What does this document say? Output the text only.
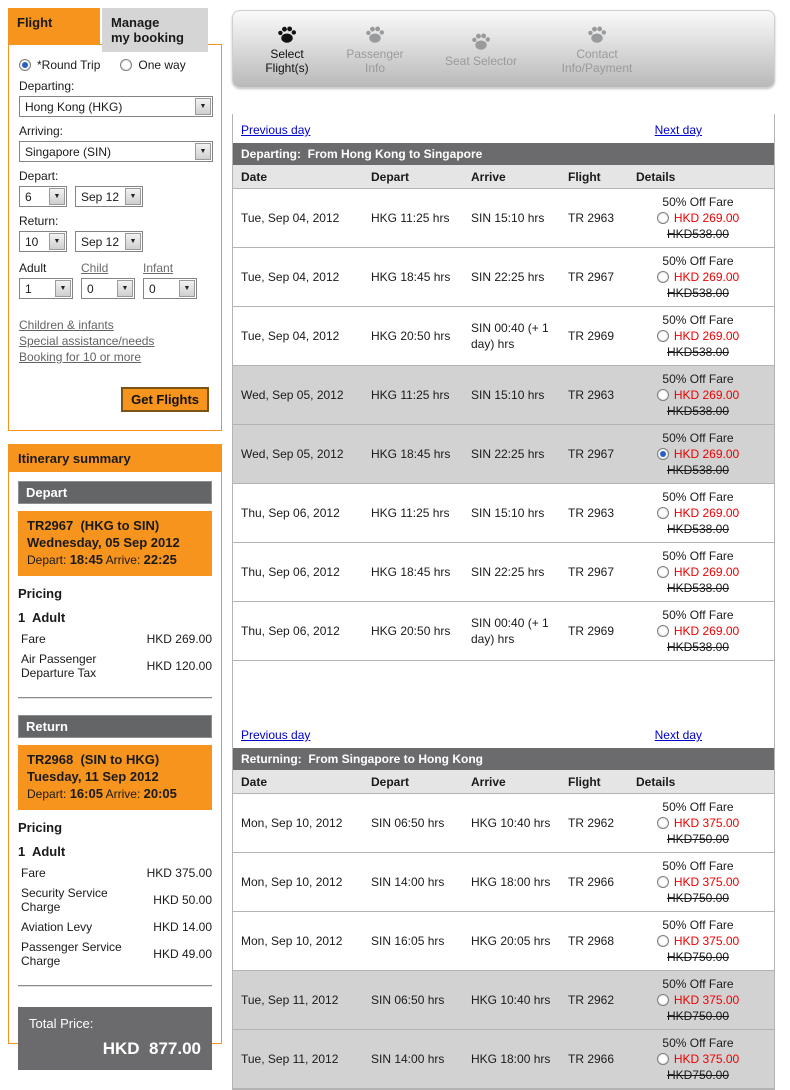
Flight	Manage
my booking
*Round Trip	One way
Departing:
Hong Kong (HKG)	▼
Arriving:
Singapore (SIN)	▼
Depart:
6	▼	Sep 12	▼
Return:
10	▼	Sep 12	▼
Adult	Child	Infant
1	▼	0	▼	0	▼
Children & infants
Special assistance/needs
Booking for 10 or more
Get Flights
Itinerary summary
Depart
TR2967  (HKG to SIN)
Wednesday, 05 Sep 2012
Depart: 18:45 Arrive: 22:25
Pricing
1  Adult
Fare	HKD 269.00
Air Passenger Departure Tax	HKD 120.00
Return
TR2968  (SIN to HKG)
Tuesday, 11 Sep 2012
Depart: 16:05 Arrive: 20:05
Pricing
1  Adult
Fare	HKD 375.00
Security Service Charge	HKD 50.00
Aviation Levy	HKD 14.00
Passenger Service Charge	HKD 49.00
Total Price:
HKD  877.00
Select
Flight(s)
Passenger
Info	Seat Selector	Contact
Info/Payment
Previous day	Next day
Departing:  From Hong Kong to Singapore
Date	Depart	Arrive	Flight	Details
Tue, Sep 04, 2012	HKG 11:25 hrs	SIN 15:10 hrs	TR 2963
50% Off Fare
HKD 269.00
HKD538.00
Tue, Sep 04, 2012	HKG 18:45 hrs	SIN 22:25 hrs	TR 2967
50% Off Fare
HKD 269.00
HKD538.00
Tue, Sep 04, 2012	HKG 20:50 hrs
SIN 00:40 (+ 1 day) hrs
TR 2969
50% Off Fare
HKD 269.00
HKD538.00
Wed, Sep 05, 2012	HKG 11:25 hrs	SIN 15:10 hrs	TR 2963
50% Off Fare
HKD 269.00
HKD538.00
Wed, Sep 05, 2012	HKG 18:45 hrs	SIN 22:25 hrs	TR 2967
50% Off Fare
HKD 269.00
HKD538.00
Thu, Sep 06, 2012	HKG 11:25 hrs	SIN 15:10 hrs	TR 2963
50% Off Fare
HKD 269.00
HKD538.00
Thu, Sep 06, 2012	HKG 18:45 hrs	SIN 22:25 hrs	TR 2967
50% Off Fare
HKD 269.00
HKD538.00
Thu, Sep 06, 2012	HKG 20:50 hrs
SIN 00:40 (+ 1 day) hrs
TR 2969
50% Off Fare
HKD 269.00
HKD538.00
Previous day	Next day
Returning:  From Singapore to Hong Kong
Date	Depart	Arrive	Flight	Details
Mon, Sep 10, 2012	SIN 06:50 hrs	HKG 10:40 hrs	TR 2962
50% Off Fare
HKD 375.00
HKD750.00
Mon, Sep 10, 2012	SIN 14:00 hrs	HKG 18:00 hrs	TR 2966
50% Off Fare
HKD 375.00
HKD750.00
Mon, Sep 10, 2012	SIN 16:05 hrs	HKG 20:05 hrs	TR 2968
50% Off Fare
HKD 375.00
HKD750.00
Tue, Sep 11, 2012	SIN 06:50 hrs	HKG 10:40 hrs	TR 2962
50% Off Fare
HKD 375.00
HKD750.00
Tue, Sep 11, 2012	SIN 14:00 hrs	HKG 18:00 hrs	TR 2966
50% Off Fare
HKD 375.00
HKD750.00
